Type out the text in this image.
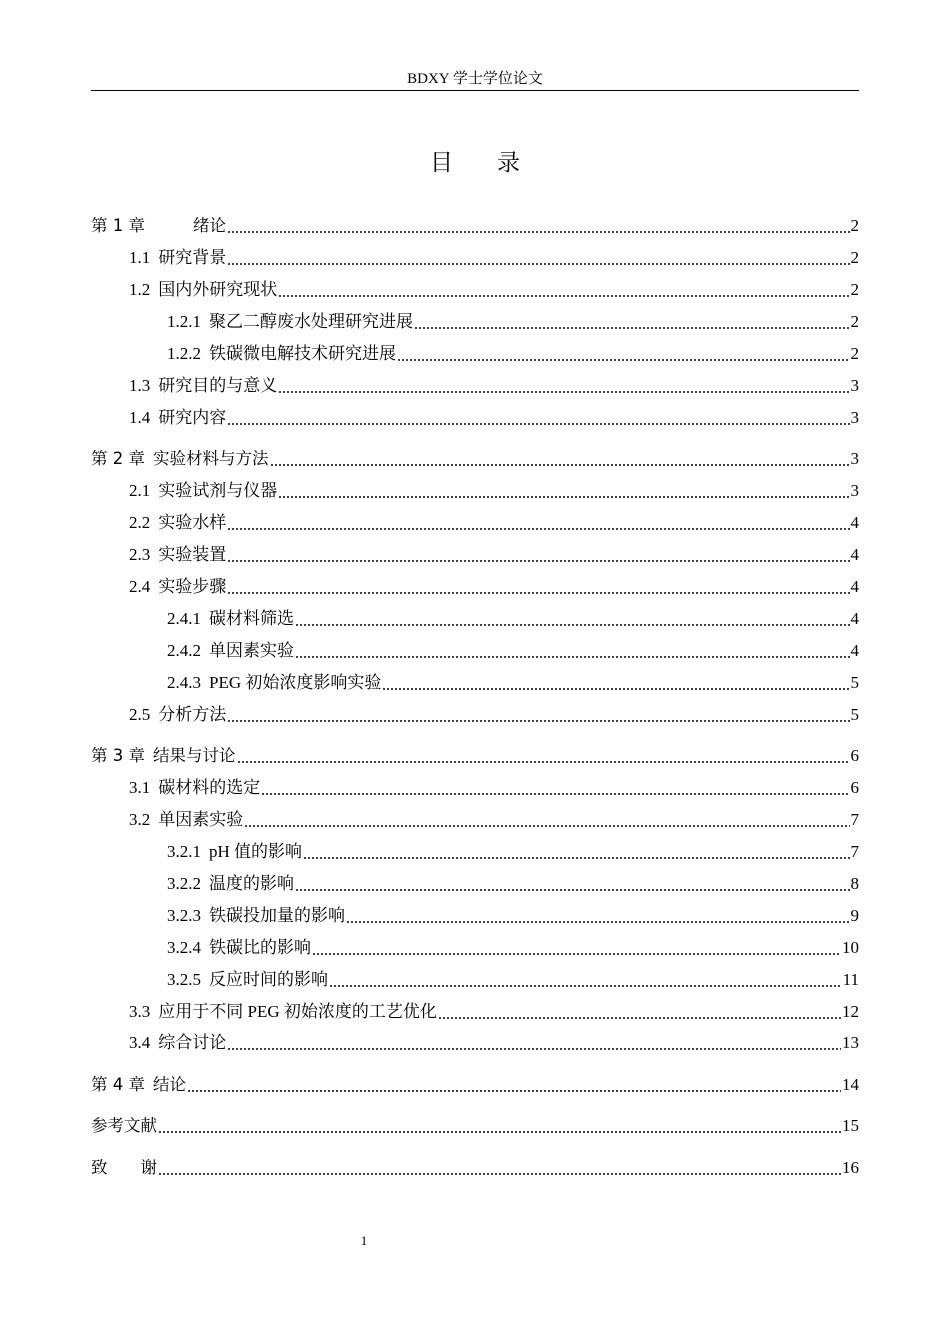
BDXY 学士学位论文
目 录
第 1 章	绪论	2
1.1 研究背景	2
1.2 国内外研究现状	2
1.2.1 聚乙二醇废水处理研究进展	2
1.2.2 铁碳微电解技术研究进展	2
1.3 研究目的与意义	3
1.4 研究内容	3
第 2 章 实验材料与方法	3
2.1 实验试剂与仪器	3
2.2 实验水样	4
2.3 实验装置	4
2.4 实验步骤	4
2.4.1 碳材料筛选	4
2.4.2 单因素实验	4
2.4.3 PEG 初始浓度影响实验	5
2.5 分析方法	5
第 3 章 结果与讨论	6
3.1 碳材料的选定	6
3.2 单因素实验	7
3.2.1 pH 值的影响	7
3.2.2 温度的影响	8
3.2.3 铁碳投加量的影响	9
3.2.4 铁碳比的影响	10
3.2.5 反应时间的影响	11
3.3 应用于不同 PEG 初始浓度的工艺优化	12
3.4 综合讨论	13
第 4 章 结论	14
参考文献	15
致　　谢	16
1
